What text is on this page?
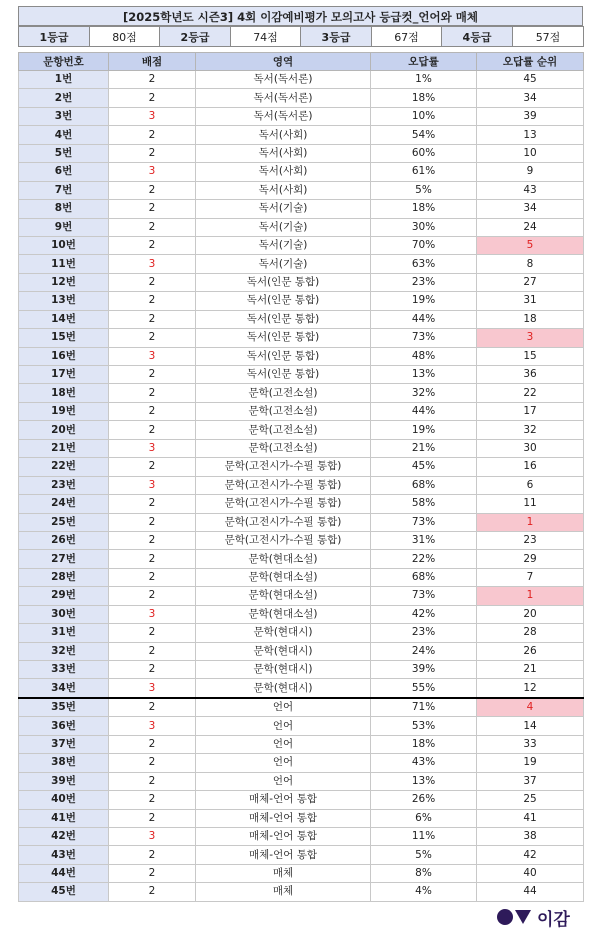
[2025학년도 시즌3] 4회 이감예비평가 모의고사 등급컷_언어와 매체
1등급	80점	2등급	74점	3등급	67점	4등급	57점
문항번호	배점	영역	오답률	오답률 순위
1번	2	독서(독서론)	1%	45
2번	2	독서(독서론)	18%	34
3번	3	독서(독서론)	10%	39
4번	2	독서(사회)	54%	13
5번	2	독서(사회)	60%	10
6번	3	독서(사회)	61%	9
7번	2	독서(사회)	5%	43
8번	2	독서(기술)	18%	34
9번	2	독서(기술)	30%	24
10번	2	독서(기술)	70%	5
11번	3	독서(기술)	63%	8
12번	2	독서(인문 통합)	23%	27
13번	2	독서(인문 통합)	19%	31
14번	2	독서(인문 통합)	44%	18
15번	2	독서(인문 통합)	73%	3
16번	3	독서(인문 통합)	48%	15
17번	2	독서(인문 통합)	13%	36
18번	2	문학(고전소설)	32%	22
19번	2	문학(고전소설)	44%	17
20번	2	문학(고전소설)	19%	32
21번	3	문학(고전소설)	21%	30
22번	2	문학(고전시가-수필 통합)	45%	16
23번	3	문학(고전시가-수필 통합)	68%	6
24번	2	문학(고전시가-수필 통합)	58%	11
25번	2	문학(고전시가-수필 통합)	73%	1
26번	2	문학(고전시가-수필 통합)	31%	23
27번	2	문학(현대소설)	22%	29
28번	2	문학(현대소설)	68%	7
29번	2	문학(현대소설)	73%	1
30번	3	문학(현대소설)	42%	20
31번	2	문학(현대시)	23%	28
32번	2	문학(현대시)	24%	26
33번	2	문학(현대시)	39%	21
34번	3	문학(현대시)	55%	12
35번	2	언어	71%	4
36번	3	언어	53%	14
37번	2	언어	18%	33
38번	2	언어	43%	19
39번	2	언어	13%	37
40번	2	매체-언어 통합	26%	25
41번	2	매체-언어 통합	6%	41
42번	3	매체-언어 통합	11%	38
43번	2	매체-언어 통합	5%	42
44번	2	매체	8%	40
45번	2	매체	4%	44
이감
